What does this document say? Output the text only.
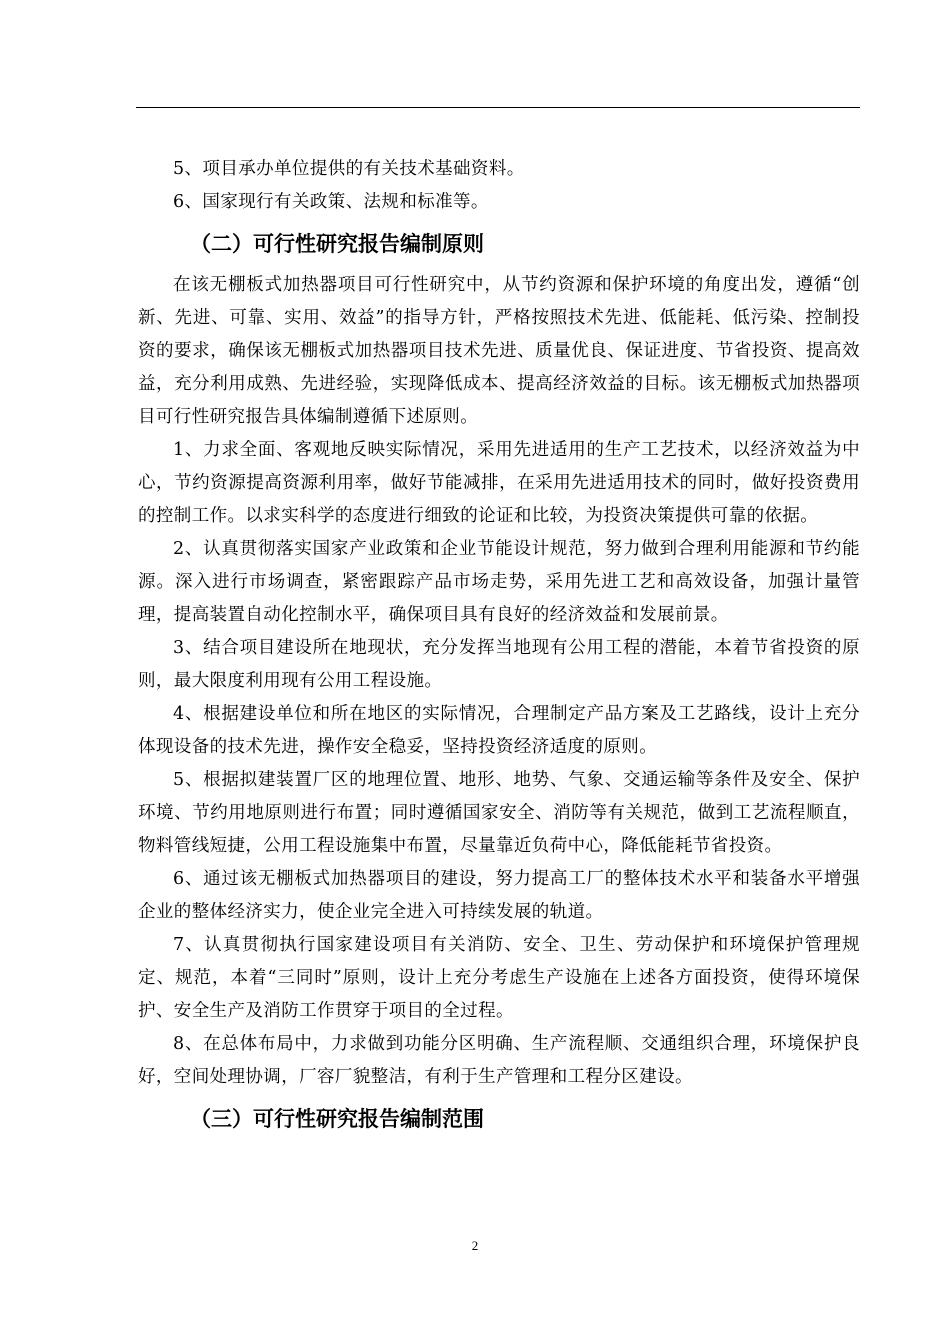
5、项目承办单位提供的有关技术基础资料。

6、国家现行有关政策、法规和标准等。

（二）可行性研究报告编制原则

在该无棚板式加热器项目可行性研究中，从节约资源和保护环境的角度出发，遵循“创新、先进、可靠、实用、效益”的指导方针，严格按照技术先进、低能耗、低污染、控制投资的要求，确保该无棚板式加热器项目技术先进、质量优良、保证进度、节省投资、提高效益，充分利用成熟、先进经验，实现降低成本、提高经济效益的目标。该无棚板式加热器项目可行性研究报告具体编制遵循下述原则。

1、力求全面、客观地反映实际情况，采用先进适用的生产工艺技术，以经济效益为中心，节约资源提高资源利用率，做好节能减排，在采用先进适用技术的同时，做好投资费用的控制工作。以求实科学的态度进行细致的论证和比较，为投资决策提供可靠的依据。

2、认真贯彻落实国家产业政策和企业节能设计规范，努力做到合理利用能源和节约能源。深入进行市场调查，紧密跟踪产品市场走势，采用先进工艺和高效设备，加强计量管理，提高装置自动化控制水平，确保项目具有良好的经济效益和发展前景。

3、结合项目建设所在地现状，充分发挥当地现有公用工程的潜能，本着节省投资的原则，最大限度利用现有公用工程设施。

4、根据建设单位和所在地区的实际情况，合理制定产品方案及工艺路线，设计上充分体现设备的技术先进，操作安全稳妥，坚持投资经济适度的原则。

5、根据拟建装置厂区的地理位置、地形、地势、气象、交通运输等条件及安全、保护环境、节约用地原则进行布置；同时遵循国家安全、消防等有关规范，做到工艺流程顺直，物料管线短捷，公用工程设施集中布置，尽量靠近负荷中心，降低能耗节省投资。

6、通过该无棚板式加热器项目的建设，努力提高工厂的整体技术水平和装备水平增强企业的整体经济实力，使企业完全进入可持续发展的轨道。

7、认真贯彻执行国家建设项目有关消防、安全、卫生、劳动保护和环境保护管理规定、规范，本着“三同时”原则，设计上充分考虑生产设施在上述各方面投资，使得环境保护、安全生产及消防工作贯穿于项目的全过程。

8、在总体布局中，力求做到功能分区明确、生产流程顺、交通组织合理，环境保护良好，空间处理协调，厂容厂貌整洁，有利于生产管理和工程分区建设。

（三）可行性研究报告编制范围
2
